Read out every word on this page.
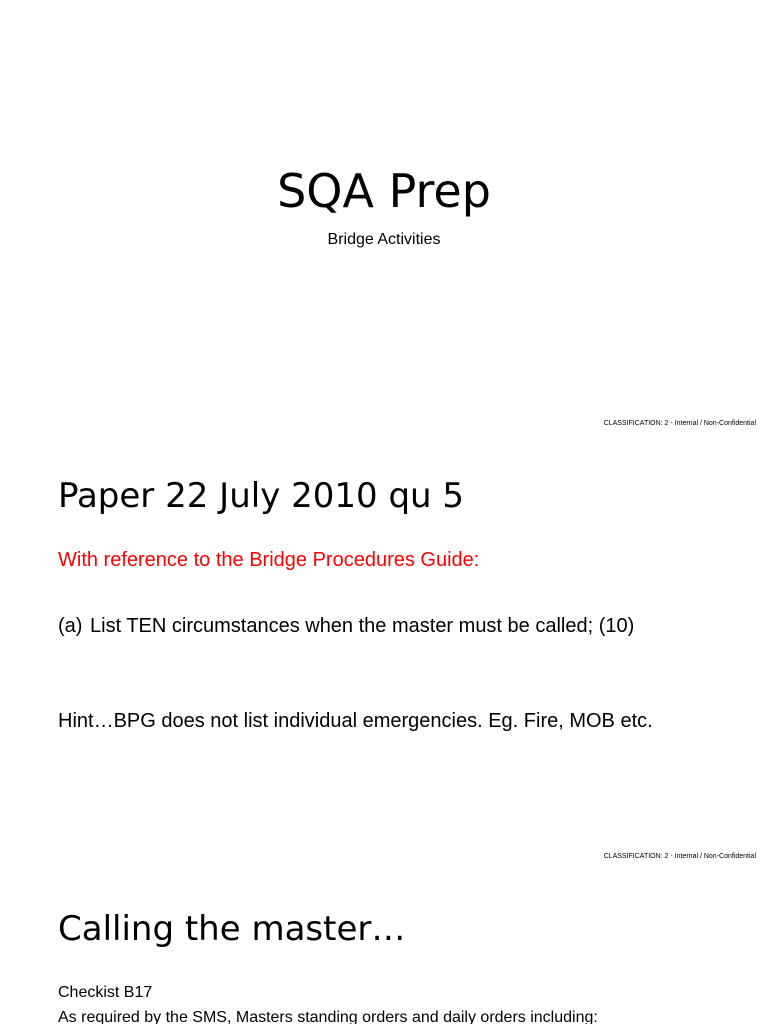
SQA Prep

Bridge Activities

CLASSIFICATION: 2 - Internal / Non-Confidential
Paper 22 July 2010 qu 5

With reference to the Bridge Procedures Guide:

(a) List TEN circumstances when the master must be called; (10)

Hint…BPG does not list individual emergencies. Eg. Fire, MOB etc.

CLASSIFICATION: 2 - Internal / Non-Confidential
Calling the master…

Checkist B17

As required by the SMS, Masters standing orders and daily orders including:
